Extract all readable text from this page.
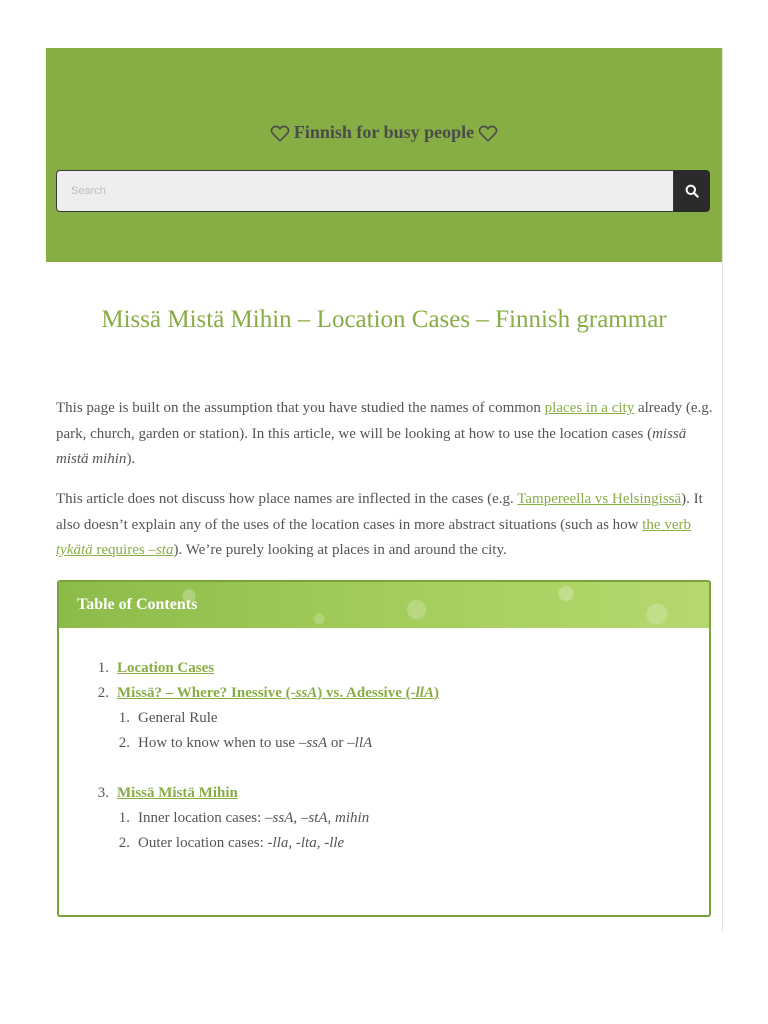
Finnish for busy people
Search
Missä Mistä Mihin – Location Cases – Finnish grammar

This page is built on the assumption that you have studied the names of common places in a city already (e.g. park, church, garden or station). In this article, we will be looking at how to use the location cases (missä mistä mihin).

This article does not discuss how place names are inflected in the cases (e.g. Tampereella vs Helsingissä). It also doesn’t explain any of the uses of the location cases in more abstract situations (such as how the verb tykätä requires –sta). We’re purely looking at places in and around the city.

Table of Contents
1. Location Cases
2. Missä? – Where? Inessive (-ssA) vs. Adessive (-llA)
1. General Rule
2. How to know when to use –ssA or –llA
3. Missä Mistä Mihin
1. Inner location cases: –ssA, –stA, mihin
2. Outer location cases: -lla, -lta, -lle
